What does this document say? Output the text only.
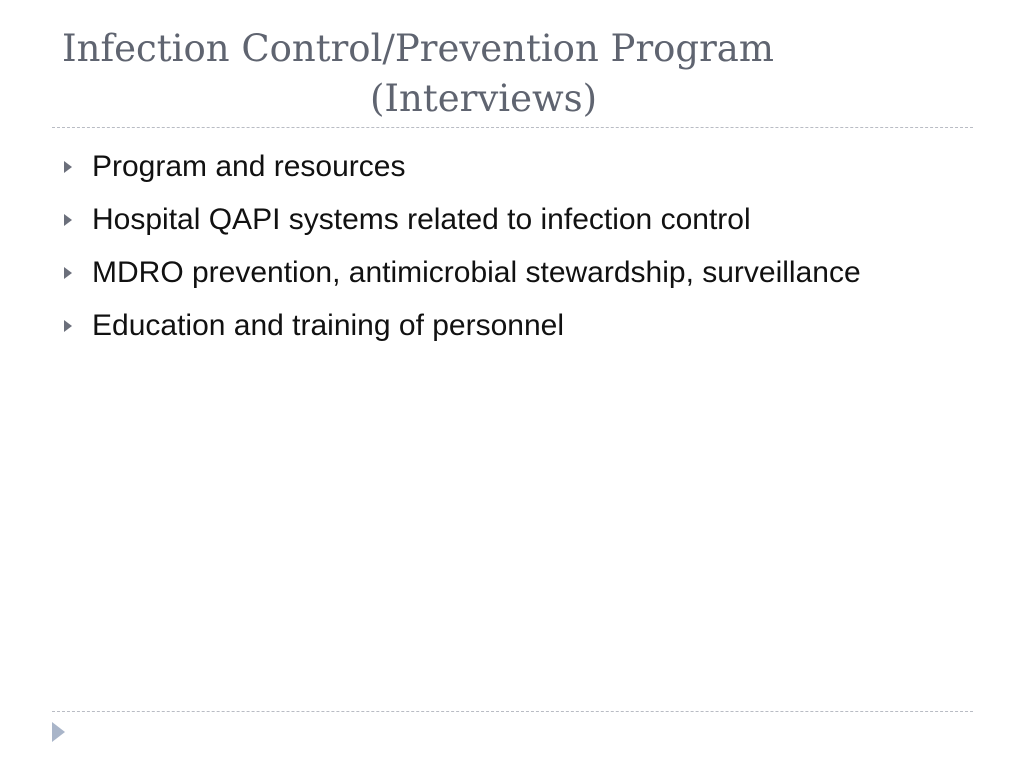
Infection Control/Prevention Program
(Interviews)
Program and resources
Hospital QAPI systems related to infection control
MDRO prevention, antimicrobial stewardship, surveillance
Education and training of personnel
